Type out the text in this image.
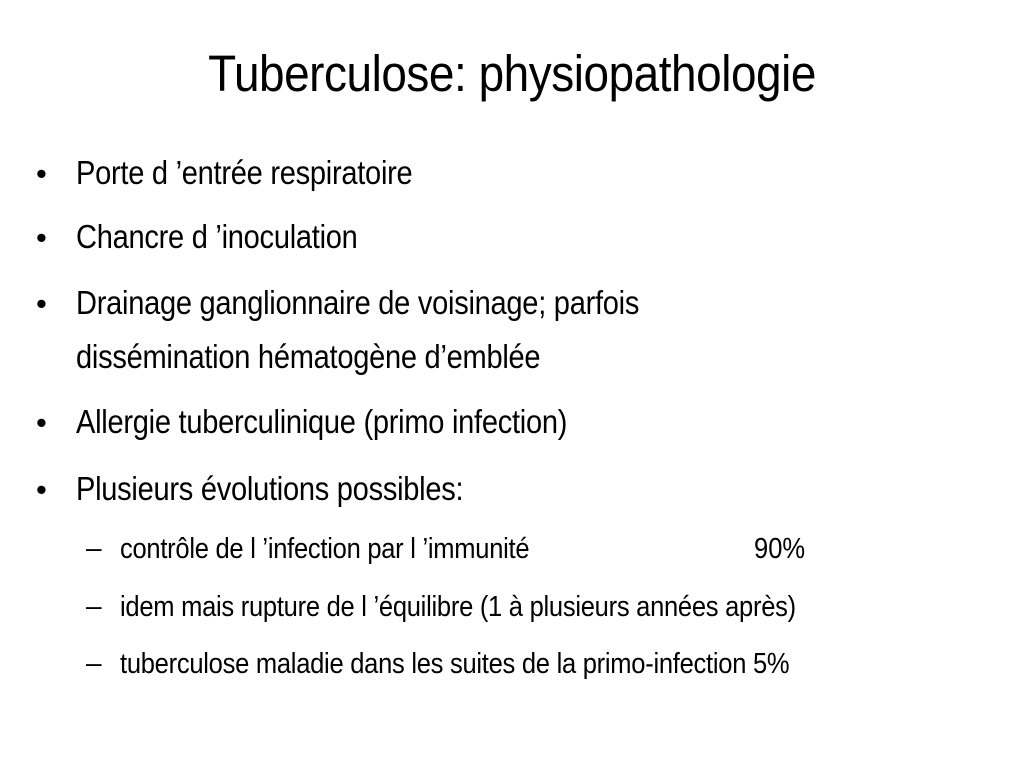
Tuberculose: physiopathologie
• Porte d ’entrée respiratoire
• Chancre d ’inoculation
• Drainage ganglionnaire de voisinage; parfois
dissémination hématogène d’emblée
• Allergie tuberculinique (primo infection)
• Plusieurs évolutions possibles:
– contrôle de l ’infection par l ’immunité	90%
– idem mais rupture de l ’équilibre (1 à plusieurs années après)
– tuberculose maladie dans les suites de la primo-infection 5%
